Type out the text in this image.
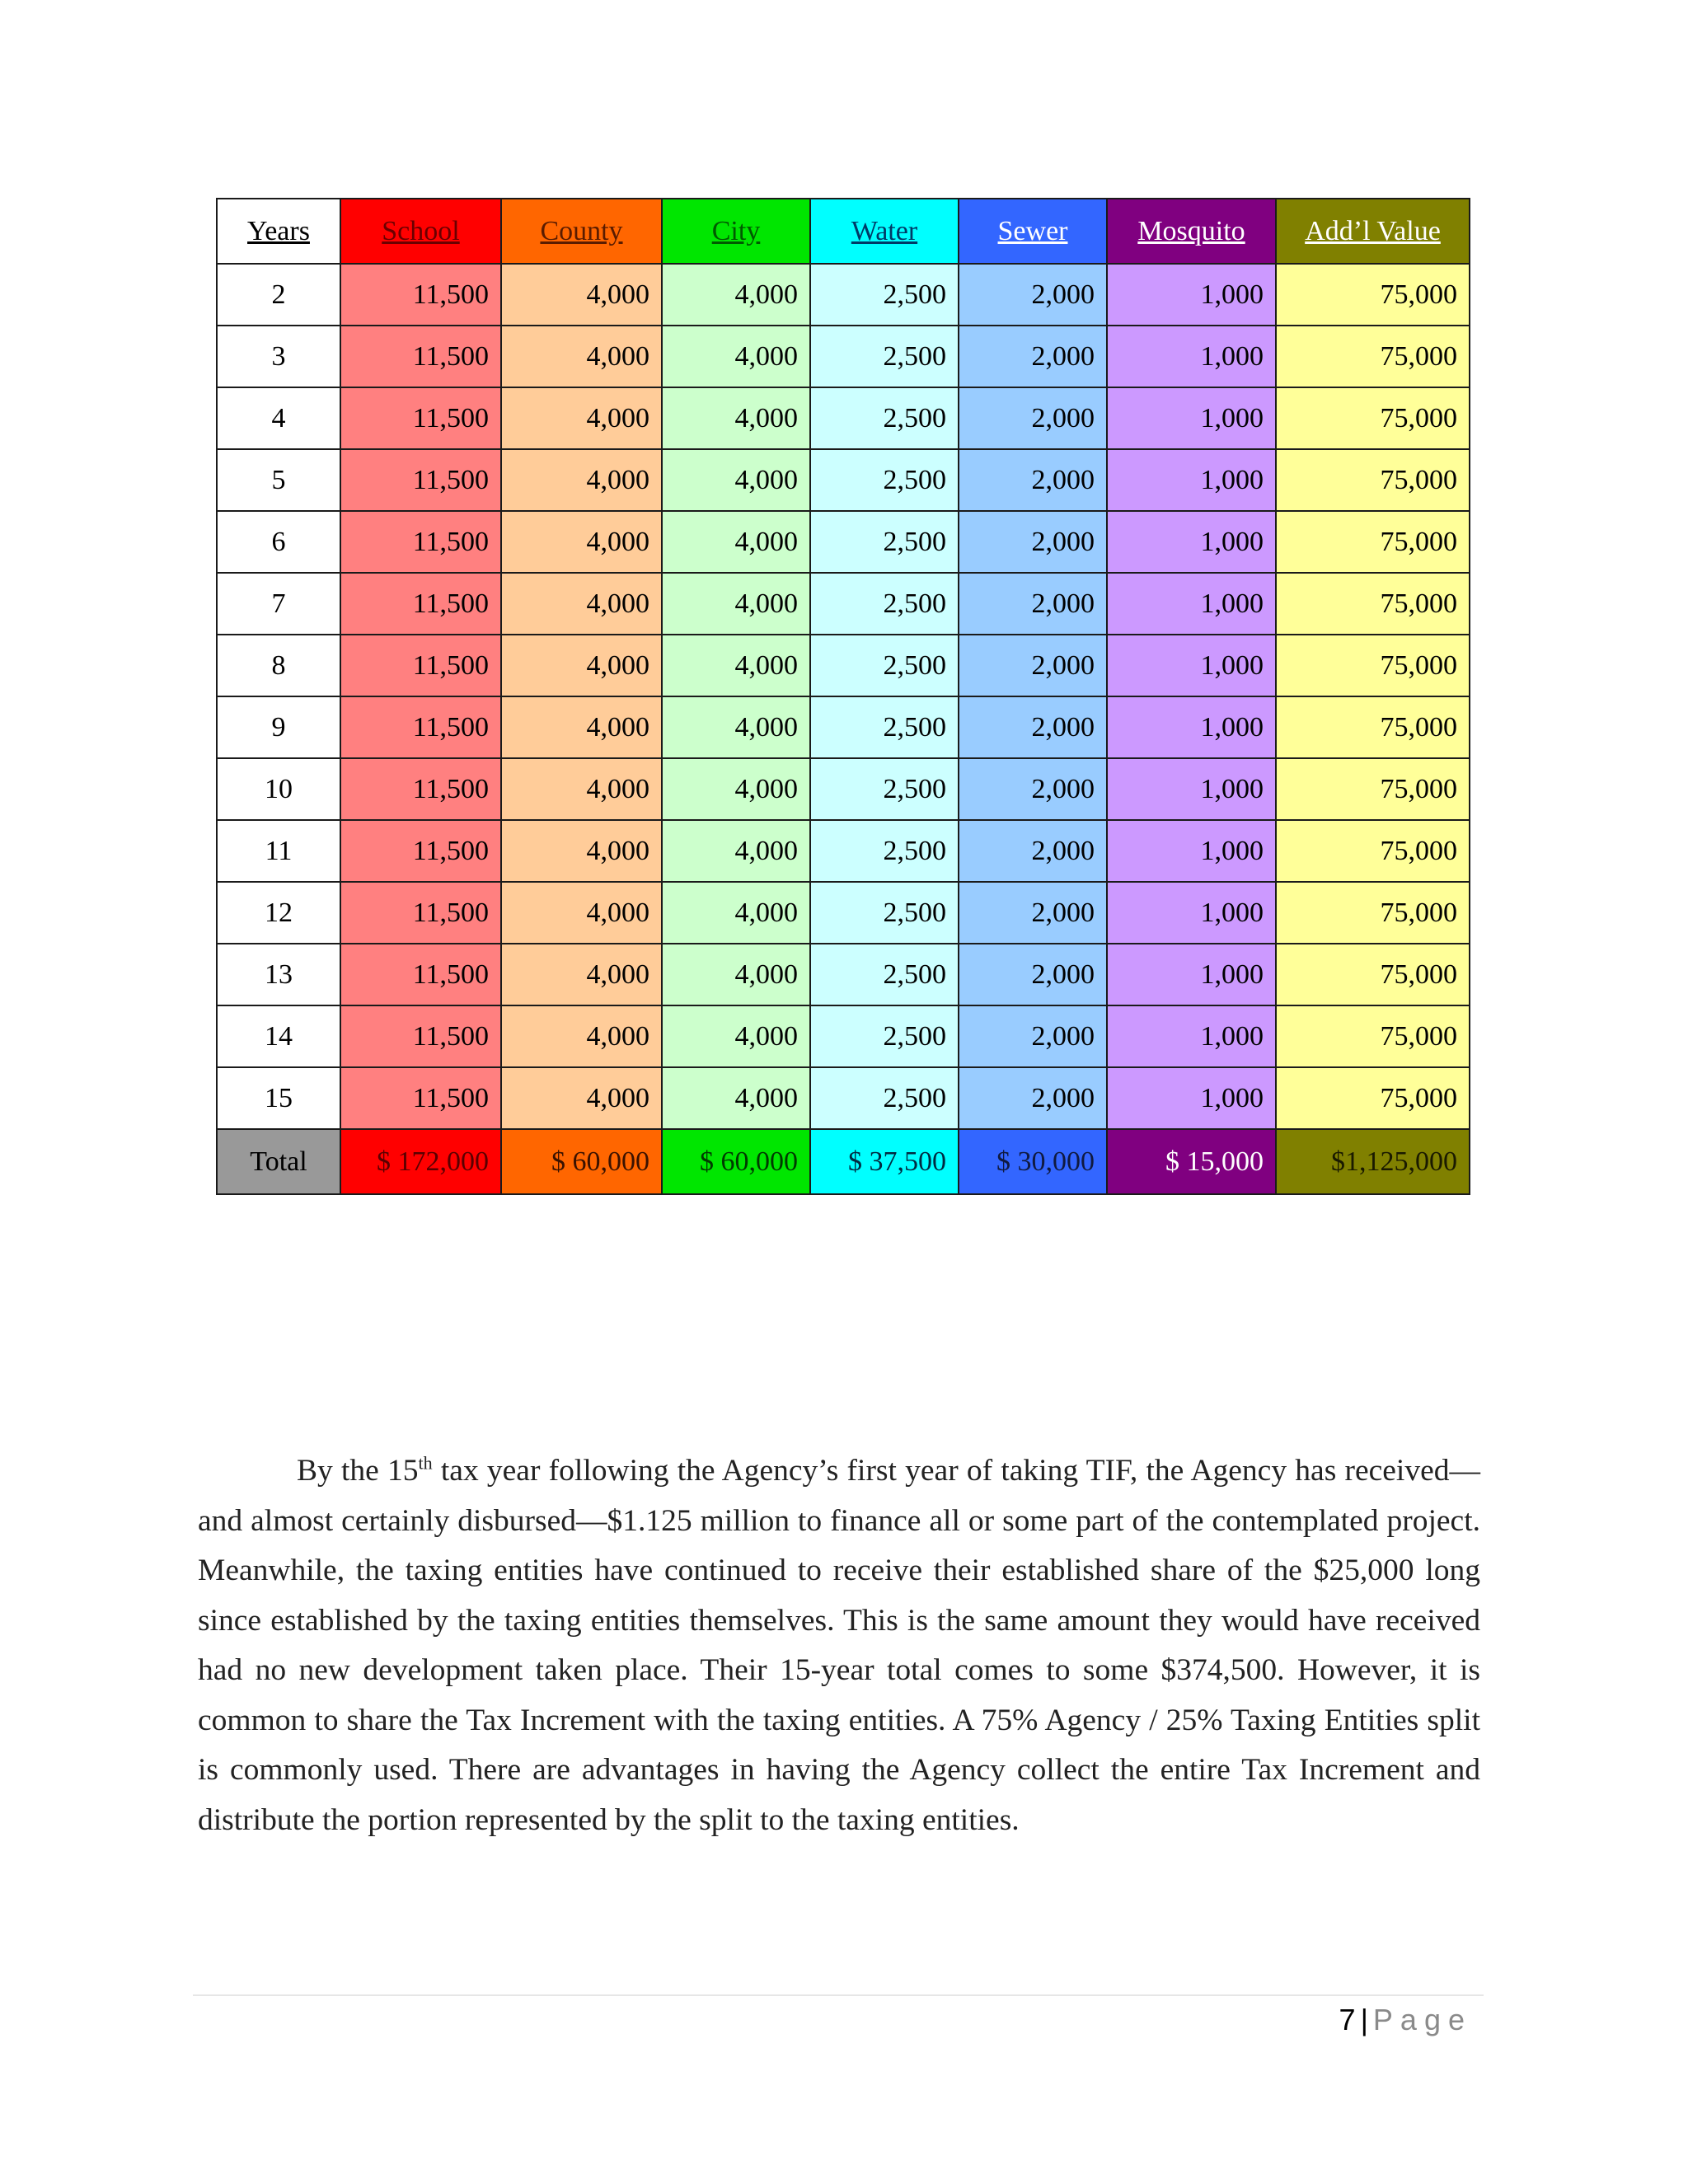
Years	School	County	City	Water	Sewer	Mosquito	Add’l Value
2	11,500	4,000	4,000	2,500	2,000	1,000	75,000
3	11,500	4,000	4,000	2,500	2,000	1,000	75,000
4	11,500	4,000	4,000	2,500	2,000	1,000	75,000
5	11,500	4,000	4,000	2,500	2,000	1,000	75,000
6	11,500	4,000	4,000	2,500	2,000	1,000	75,000
7	11,500	4,000	4,000	2,500	2,000	1,000	75,000
8	11,500	4,000	4,000	2,500	2,000	1,000	75,000
9	11,500	4,000	4,000	2,500	2,000	1,000	75,000
10	11,500	4,000	4,000	2,500	2,000	1,000	75,000
11	11,500	4,000	4,000	2,500	2,000	1,000	75,000
12	11,500	4,000	4,000	2,500	2,000	1,000	75,000
13	11,500	4,000	4,000	2,500	2,000	1,000	75,000
14	11,500	4,000	4,000	2,500	2,000	1,000	75,000
15	11,500	4,000	4,000	2,500	2,000	1,000	75,000
Total	$ 172,000	$ 60,000	$ 60,000	$ 37,500	$ 30,000	$ 15,000	$1,125,000

By the 15th tax year following the Agency’s first year of taking TIF, the Agency has received—and almost certainly disbursed—$1.125 million to finance all or some part of the contemplated project. Meanwhile, the taxing entities have continued to receive their established share of the $25,000 long since established by the taxing entities themselves. This is the same amount they would have received had no new development taken place. Their 15-year total comes to some $374,500. However, it is common to share the Tax Increment with the taxing entities. A 75% Agency / 25% Taxing Entities split is commonly used. There are advantages in having the Agency collect the entire Tax Increment and distribute the portion represented by the split to the taxing entities.

7 | Page
